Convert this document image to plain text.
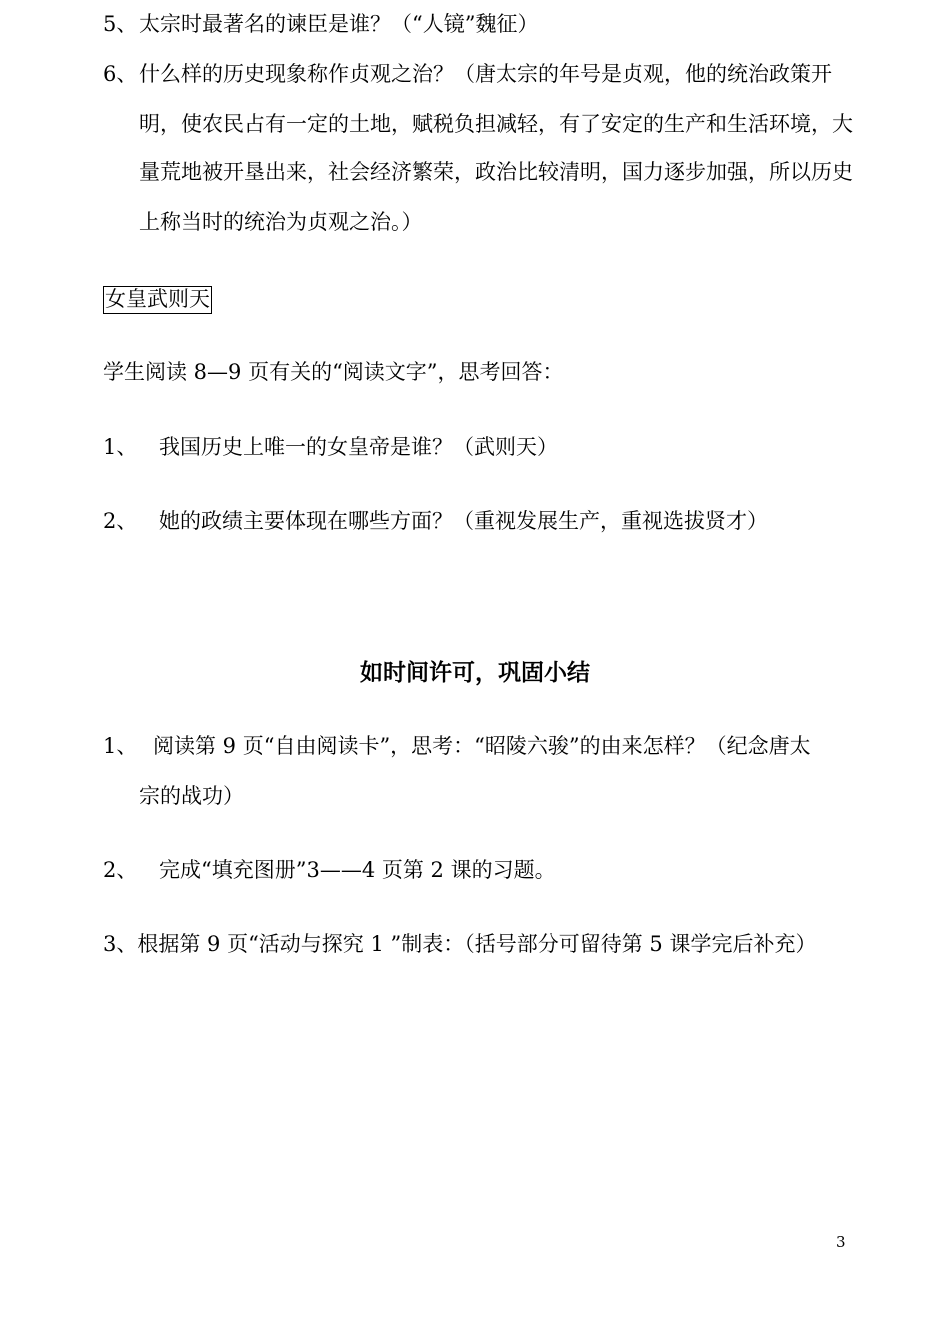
5、 太宗时最著名的谏臣是谁？（“人镜”魏征）
6、 什么样的历史现象称作贞观之治？（唐太宗的年号是贞观，他的统治政策开
明，使农民占有一定的土地，赋税负担减轻，有了安定的生产和生活环境，大
量荒地被开垦出来，社会经济繁荣，政治比较清明，国力逐步加强，所以历史
上称当时的统治为贞观之治。）
女皇武则天
学生阅读 8—9 页有关的“阅读文字”，思考回答：
1、 我国历史上唯一的女皇帝是谁？（武则天）
2、 她的政绩主要体现在哪些方面？（重视发展生产，重视选拔贤才）
如时间许可，巩固小结
1、 阅读第 9 页“自由阅读卡”，思考：“昭陵六骏”的由来怎样？（纪念唐太
宗的战功）
2、 完成“填充图册”3——4 页第 2 课的习题。
3、根据第 9 页“活动与探究 1 ”制表：（括号部分可留待第 5 课学完后补充）
3
